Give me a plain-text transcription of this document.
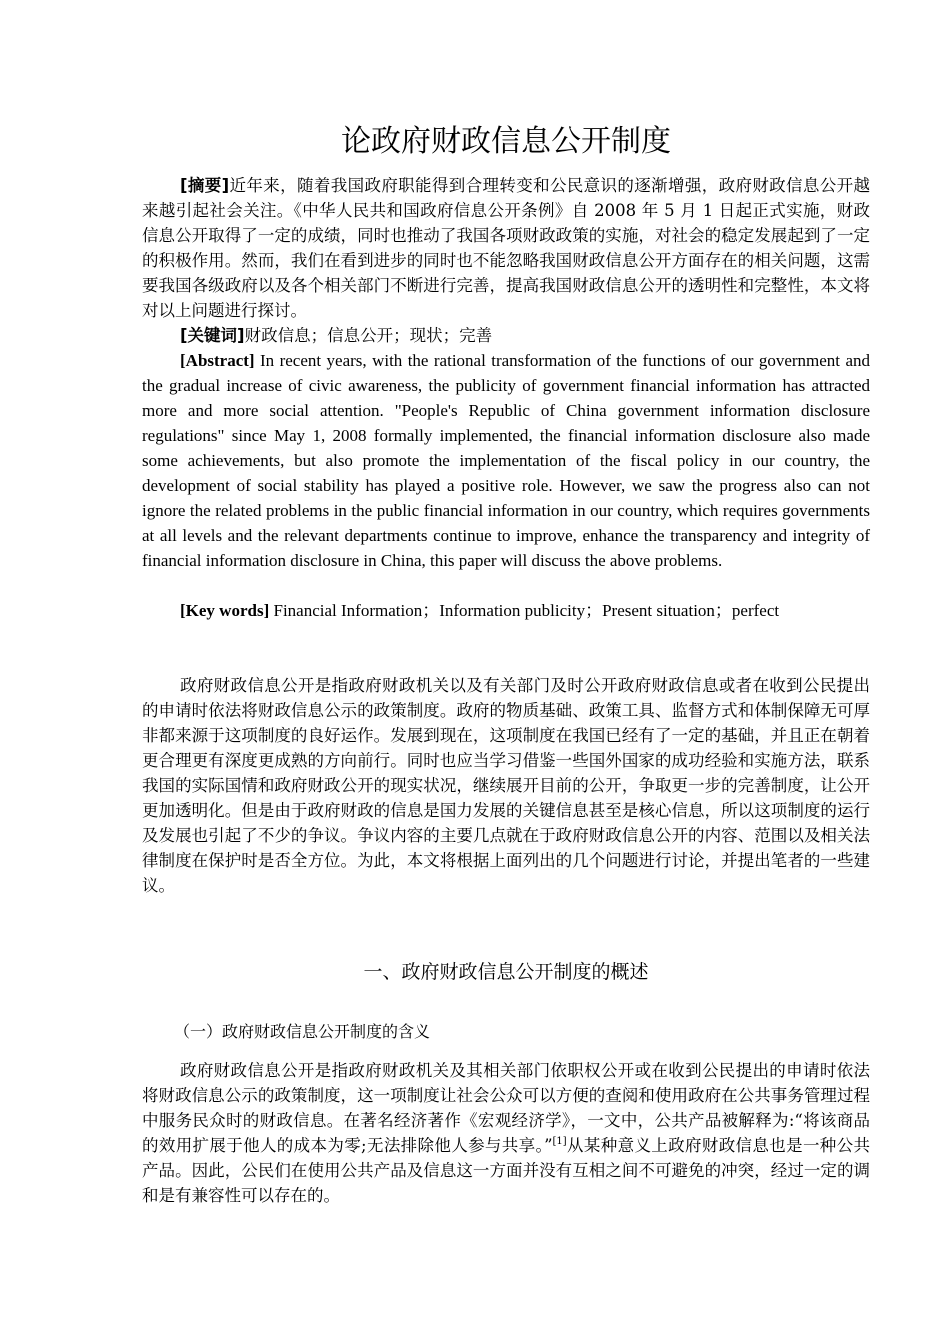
论政府财政信息公开制度

[摘要]近年来，随着我国政府职能得到合理转变和公民意识的逐渐增强，政府财政信息公开越来越引起社会关注。《中华人民共和国政府信息公开条例》自 2008 年 5 月 1 日起正式实施，财政信息公开取得了一定的成绩，同时也推动了我国各项财政政策的实施，对社会的稳定发展起到了一定的积极作用。然而，我们在看到进步的同时也不能忽略我国财政信息公开方面存在的相关问题，这需要我国各级政府以及各个相关部门不断进行完善，提高我国财政信息公开的透明性和完整性，本文将对以上问题进行探讨。

[关键词]财政信息；信息公开；现状；完善

[Abstract] In recent years, with the rational transformation of the functions of our government and the gradual increase of civic awareness, the publicity of government financial information has attracted more and more social attention. "People's Republic of China government information disclosure regulations" since May 1, 2008 formally implemented, the financial information disclosure also made some achievements, but also promote the implementation of the fiscal policy in our country, the development of social stability has played a positive role. However, we saw the progress also can not ignore the related problems in the public financial information in our country, which requires governments at all levels and the relevant departments continue to improve, enhance the transparency and integrity of financial information disclosure in China, this paper will discuss the above problems.

[Key words] Financial Information；Information publicity；Present situation；perfect

政府财政信息公开是指政府财政机关以及有关部门及时公开政府财政信息或者在收到公民提出的申请时依法将财政信息公示的政策制度。政府的物质基础、政策工具、监督方式和体制保障无可厚非都来源于这项制度的良好运作。发展到现在，这项制度在我国已经有了一定的基础，并且正在朝着更合理更有深度更成熟的方向前行。同时也应当学习借鉴一些国外国家的成功经验和实施方法，联系我国的实际国情和政府财政公开的现实状况，继续展开目前的公开，争取更一步的完善制度，让公开更加透明化。但是由于政府财政的信息是国力发展的关键信息甚至是核心信息，所以这项制度的运行及发展也引起了不少的争议。争议内容的主要几点就在于政府财政信息公开的内容、范围以及相关法律制度在保护时是否全方位。为此，本文将根据上面列出的几个问题进行讨论，并提出笔者的一些建议。

一、政府财政信息公开制度的概述
（一）政府财政信息公开制度的含义

政府财政信息公开是指政府财政机关及其相关部门依职权公开或在收到公民提出的申请时依法将财政信息公示的政策制度，这一项制度让社会公众可以方便的查阅和使用政府在公共事务管理过程中服务民众时的财政信息。在著名经济著作《宏观经济学》，一文中，公共产品被解释为:“将该商品的效用扩展于他人的成本为零;无法排除他人参与共享。”[1]从某种意义上政府财政信息也是一种公共产品。因此，公民们在使用公共产品及信息这一方面并没有互相之间不可避免的冲突，经过一定的调和是有兼容性可以存在的。
